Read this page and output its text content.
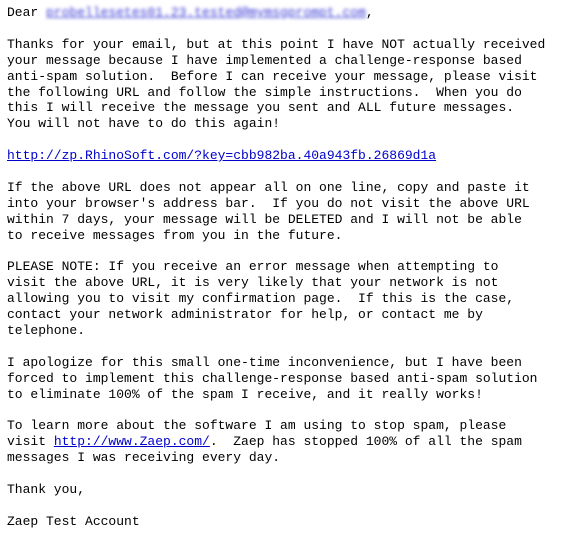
Dear probellesetes01.23.tested@mymsgprompt.com,
Thanks for your email, but at this point I have NOT actually received
your message because I have implemented a challenge-response based
anti-spam solution.  Before I can receive your message, please visit
the following URL and follow the simple instructions.  When you do
this I will receive the message you sent and ALL future messages.
You will not have to do this again!
http://zp.RhinoSoft.com/?key=cbb982ba.40a943fb.26869d1a
If the above URL does not appear all on one line, copy and paste it
into your browser's address bar.  If you do not visit the above URL
within 7 days, your message will be DELETED and I will not be able
to receive messages from you in the future.
PLEASE NOTE: If you receive an error message when attempting to
visit the above URL, it is very likely that your network is not
allowing you to visit my confirmation page.  If this is the case,
contact your network administrator for help, or contact me by
telephone.
I apologize for this small one-time inconvenience, but I have been
forced to implement this challenge-response based anti-spam solution
to eliminate 100% of the spam I receive, and it really works!
To learn more about the software I am using to stop spam, please
visit http://www.Zaep.com/.  Zaep has stopped 100% of all the spam
messages I was receiving every day.
Thank you,
Zaep Test Account
